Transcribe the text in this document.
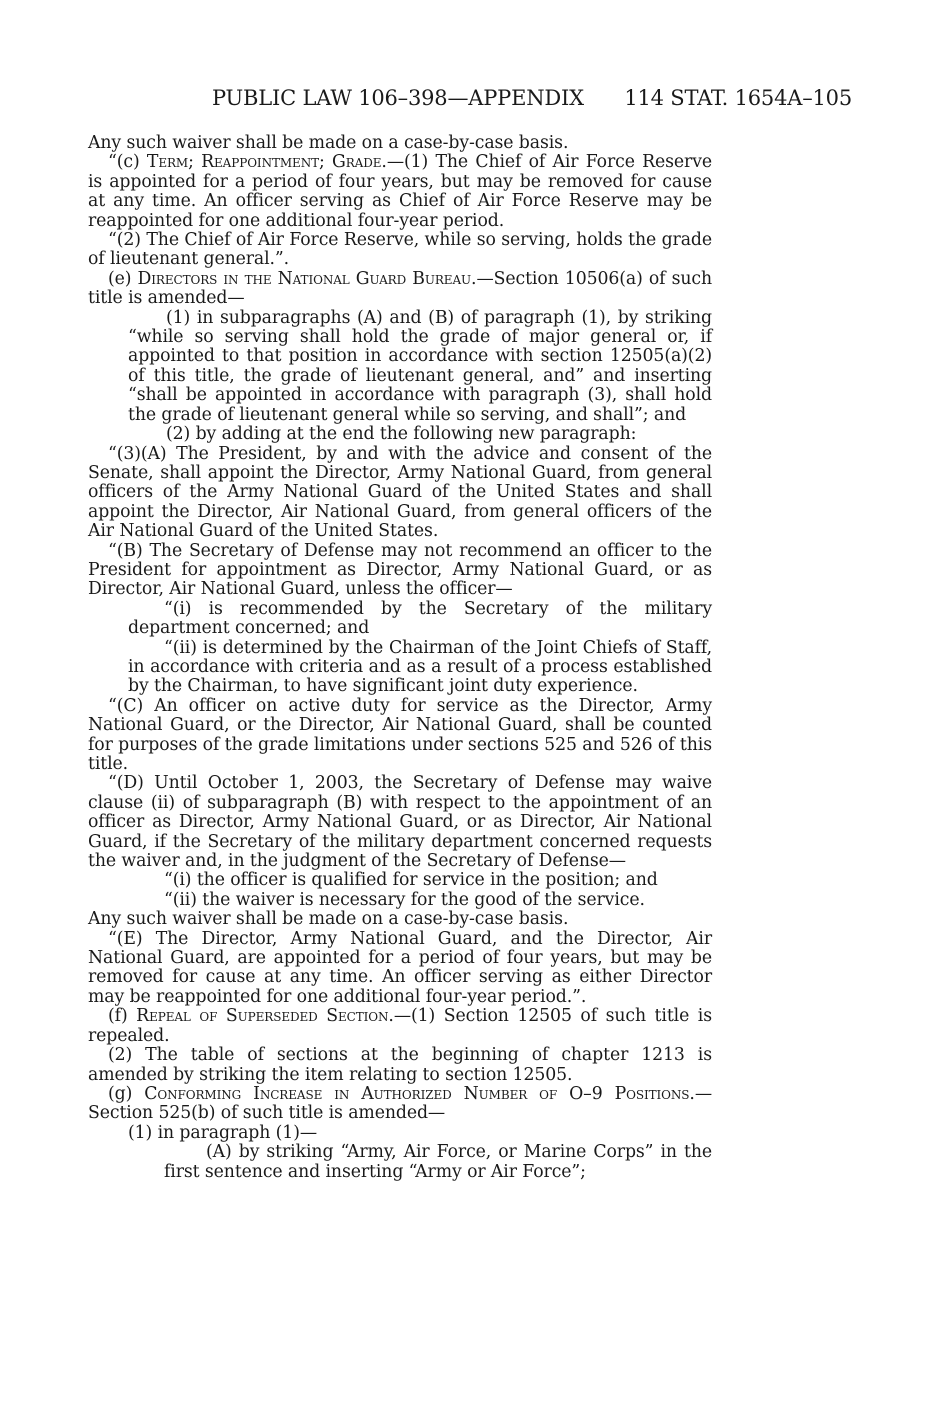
PUBLIC LAW 106–398—APPENDIX 114 STAT. 1654A–105

Any such waiver shall be made on a case-by-case basis.

“(c) Term; Reappointment; Grade.—(1) The Chief of Air Force Reserve is appointed for a period of four years, but may be removed for cause at any time. An officer serving as Chief of Air Force Reserve may be reappointed for one additional four-year period.

“(2) The Chief of Air Force Reserve, while so serving, holds the grade of lieutenant general.”.

(e) Directors in the National Guard Bureau.—Section 10506(a) of such title is amended—

(1) in subparagraphs (A) and (B) of paragraph (1), by striking “while so serving shall hold the grade of major general or, if appointed to that position in accordance with section 12505(a)(2) of this title, the grade of lieutenant general, and” and inserting “shall be appointed in accordance with paragraph (3), shall hold the grade of lieutenant general while so serving, and shall”; and

(2) by adding at the end the following new paragraph:

“(3)(A) The President, by and with the advice and consent of the Senate, shall appoint the Director, Army National Guard, from general officers of the Army National Guard of the United States and shall appoint the Director, Air National Guard, from general officers of the Air National Guard of the United States.

“(B) The Secretary of Defense may not recommend an officer to the President for appointment as Director, Army National Guard, or as Director, Air National Guard, unless the officer—

“(i) is recommended by the Secretary of the military department concerned; and

“(ii) is determined by the Chairman of the Joint Chiefs of Staff, in accordance with criteria and as a result of a process established by the Chairman, to have significant joint duty experience.

“(C) An officer on active duty for service as the Director, Army National Guard, or the Director, Air National Guard, shall be counted for purposes of the grade limitations under sections 525 and 526 of this title.

“(D) Until October 1, 2003, the Secretary of Defense may waive clause (ii) of subparagraph (B) with respect to the appointment of an officer as Director, Army National Guard, or as Director, Air National Guard, if the Secretary of the military department concerned requests the waiver and, in the judgment of the Secretary of Defense—

“(i) the officer is qualified for service in the position; and

“(ii) the waiver is necessary for the good of the service.

Any such waiver shall be made on a case-by-case basis.

“(E) The Director, Army National Guard, and the Director, Air National Guard, are appointed for a period of four years, but may be removed for cause at any time. An officer serving as either Director may be reappointed for one additional four-year period.”.

(f) Repeal of Superseded Section.—(1) Section 12505 of such title is repealed.

(2) The table of sections at the beginning of chapter 1213 is amended by striking the item relating to section 12505.

(g) Conforming Increase in Authorized Number of O–9 Positions.—Section 525(b) of such title is amended—

(1) in paragraph (1)—

(A) by striking “Army, Air Force, or Marine Corps” in the first sentence and inserting “Army or Air Force”;
